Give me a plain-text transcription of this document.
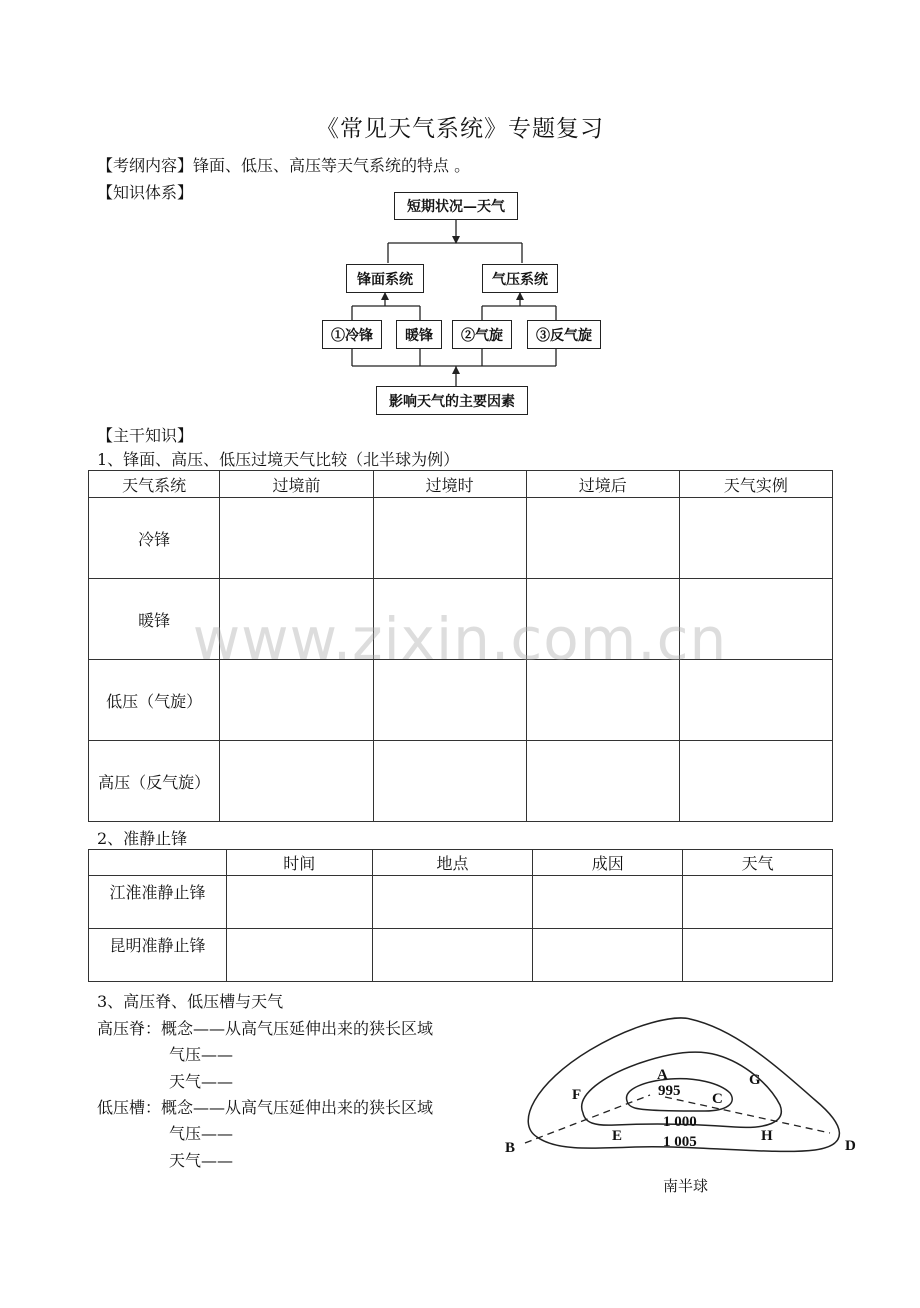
《常见天气系统》专题复习
【考纲内容】锋面、低压、高压等天气系统的特点 。
【知识体系】
短期状况—天气
锋面系统	气压系统
①冷锋	暖锋	②气旋	③反气旋
影响天气的主要因素
【主干知识】
1、锋面、高压、低压过境天气比较（北半球为例）
天气系统	过境前	过境时	过境后	天气实例
冷锋				
暖锋				
低压（气旋）				
高压（反气旋）				
www.zixin.com.cn
2、准静止锋
	时间	地点	成因	天气
江淮准静止锋				
昆明准静止锋				
3、高压脊、低压槽与天气
高压脊：概念——从高气压延伸出来的狭长区域
气压——
天气——
低压槽：概念——从高气压延伸出来的狭长区域
气压——
天气——
995
1 000
1 005
A
B
C
D
E
F
G
H
南半球
